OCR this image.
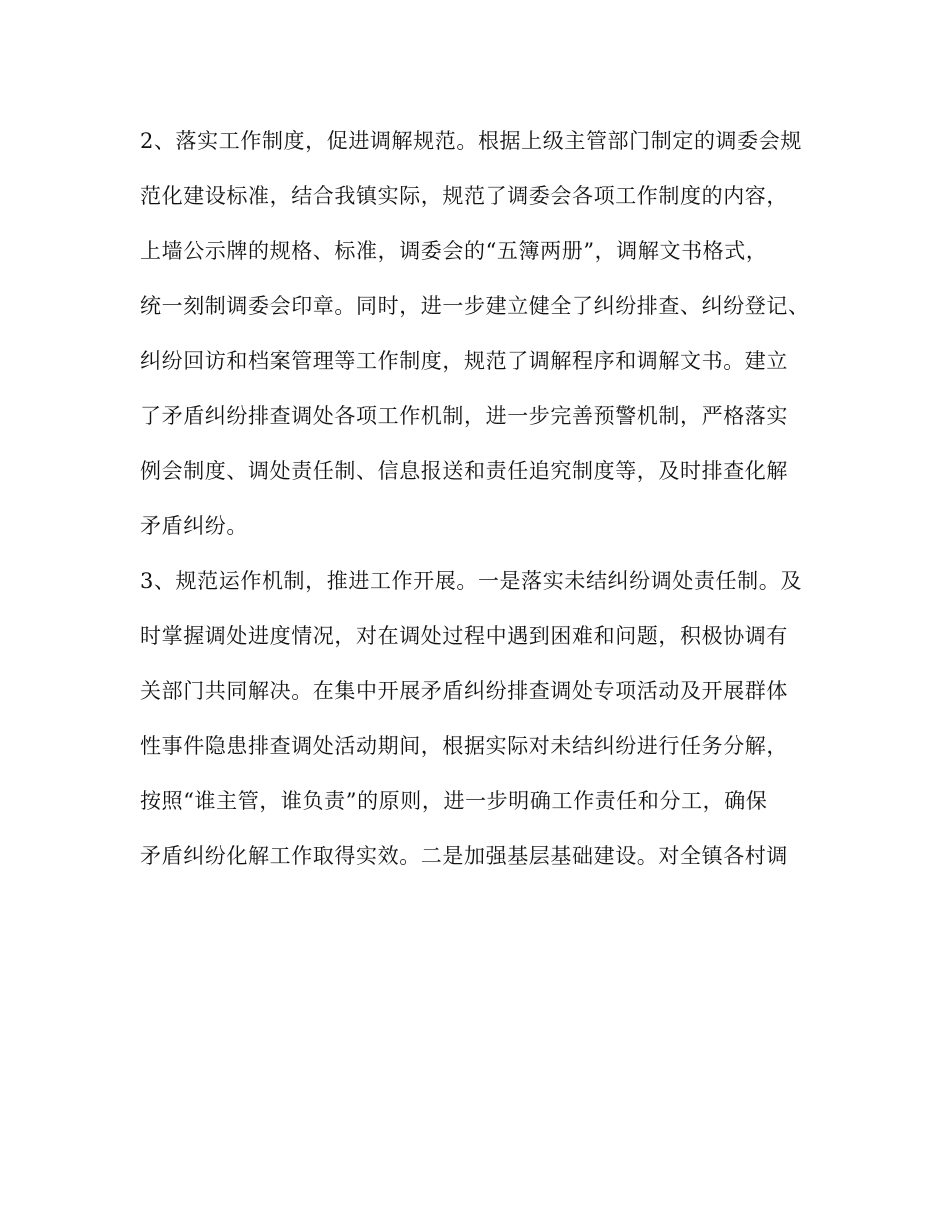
2、落实工作制度，促进调解规范。根据上级主管部门制定的调委会规
范化建设标准，结合我镇实际，规范了调委会各项工作制度的内容，
上墙公示牌的规格、标准，调委会的“五簿两册”，调解文书格式，
统一刻制调委会印章。同时，进一步建立健全了纠纷排查、纠纷登记、
纠纷回访和档案管理等工作制度，规范了调解程序和调解文书。建立
了矛盾纠纷排查调处各项工作机制，进一步完善预警机制，严格落实
例会制度、调处责任制、信息报送和责任追究制度等，及时排查化解
矛盾纠纷。
3、规范运作机制，推进工作开展。一是落实未结纠纷调处责任制。及
时掌握调处进度情况，对在调处过程中遇到困难和问题，积极协调有
关部门共同解决。在集中开展矛盾纠纷排查调处专项活动及开展群体
性事件隐患排查调处活动期间，根据实际对未结纠纷进行任务分解，
按照“谁主管，谁负责”的原则，进一步明确工作责任和分工，确保
矛盾纠纷化解工作取得实效。二是加强基层基础建设。对全镇各村调
